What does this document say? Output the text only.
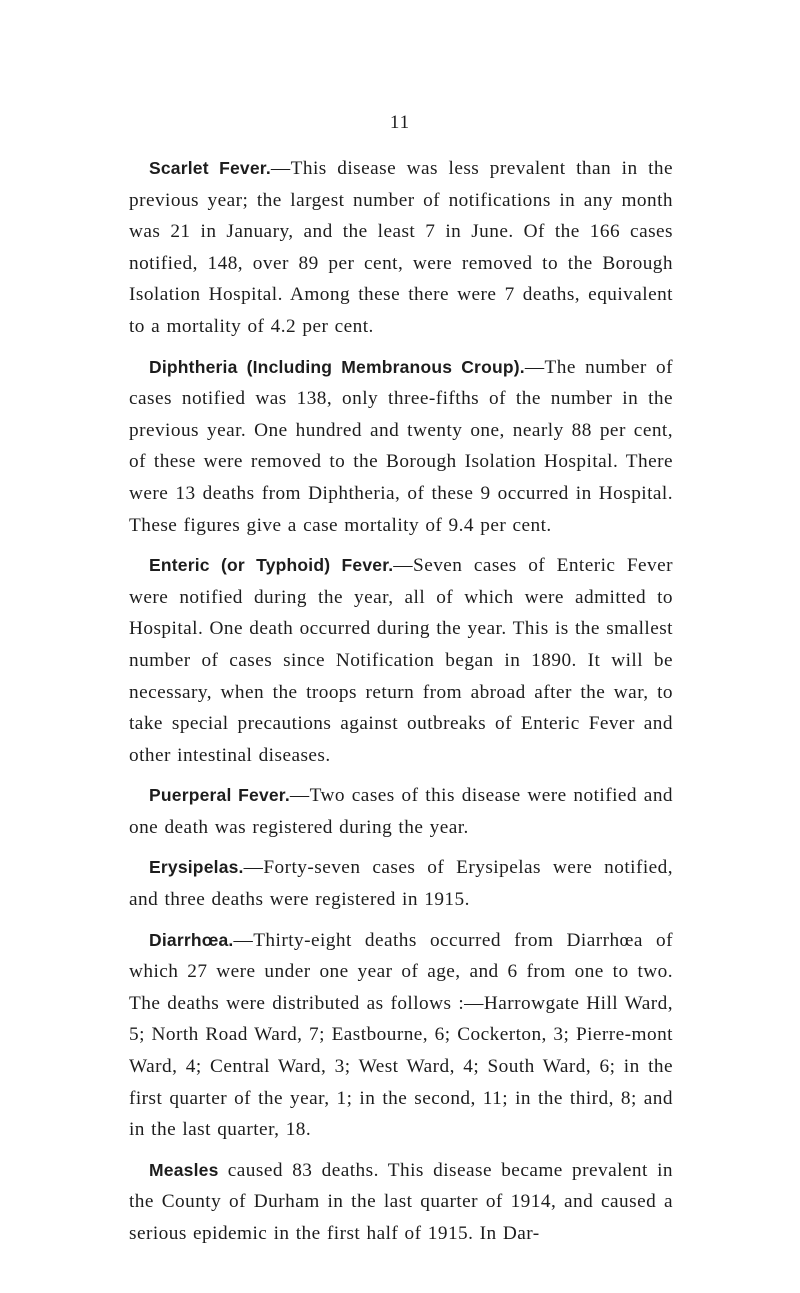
11

Scarlet Fever.—This disease was less prevalent than in the previous year; the largest number of notifications in any month was 21 in January, and the least 7 in June. Of the 166 cases notified, 148, over 89 per cent, were removed to the Borough Isolation Hospital. Among these there were 7 deaths, equivalent to a mortality of 4.2 per cent.

Diphtheria (Including Membranous Croup).—The number of cases notified was 138, only three-fifths of the number in the previous year. One hundred and twenty one, nearly 88 per cent, of these were removed to the Borough Isolation Hospital. There were 13 deaths from Diphtheria, of these 9 occurred in Hospital. These figures give a case mortality of 9.4 per cent.

Enteric (or Typhoid) Fever.—Seven cases of Enteric Fever were notified during the year, all of which were admitted to Hospital. One death occurred during the year. This is the smallest number of cases since Notification began in 1890. It will be necessary, when the troops return from abroad after the war, to take special precautions against outbreaks of Enteric Fever and other intestinal diseases.

Puerperal Fever.—Two cases of this disease were notified and one death was registered during the year.

Erysipelas.—Forty-seven cases of Erysipelas were notified, and three deaths were registered in 1915.

Diarrhœa.—Thirty-eight deaths occurred from Diarrhœa of which 27 were under one year of age, and 6 from one to two. The deaths were distributed as follows :—Harrowgate Hill Ward, 5; North Road Ward, 7; Eastbourne, 6; Cockerton, 3; Pierre-mont Ward, 4; Central Ward, 3; West Ward, 4; South Ward, 6; in the first quarter of the year, 1; in the second, 11; in the third, 8; and in the last quarter, 18.

Measles caused 83 deaths. This disease became prevalent in the County of Durham in the last quarter of 1914, and caused a serious epidemic in the first half of 1915. In Dar-
